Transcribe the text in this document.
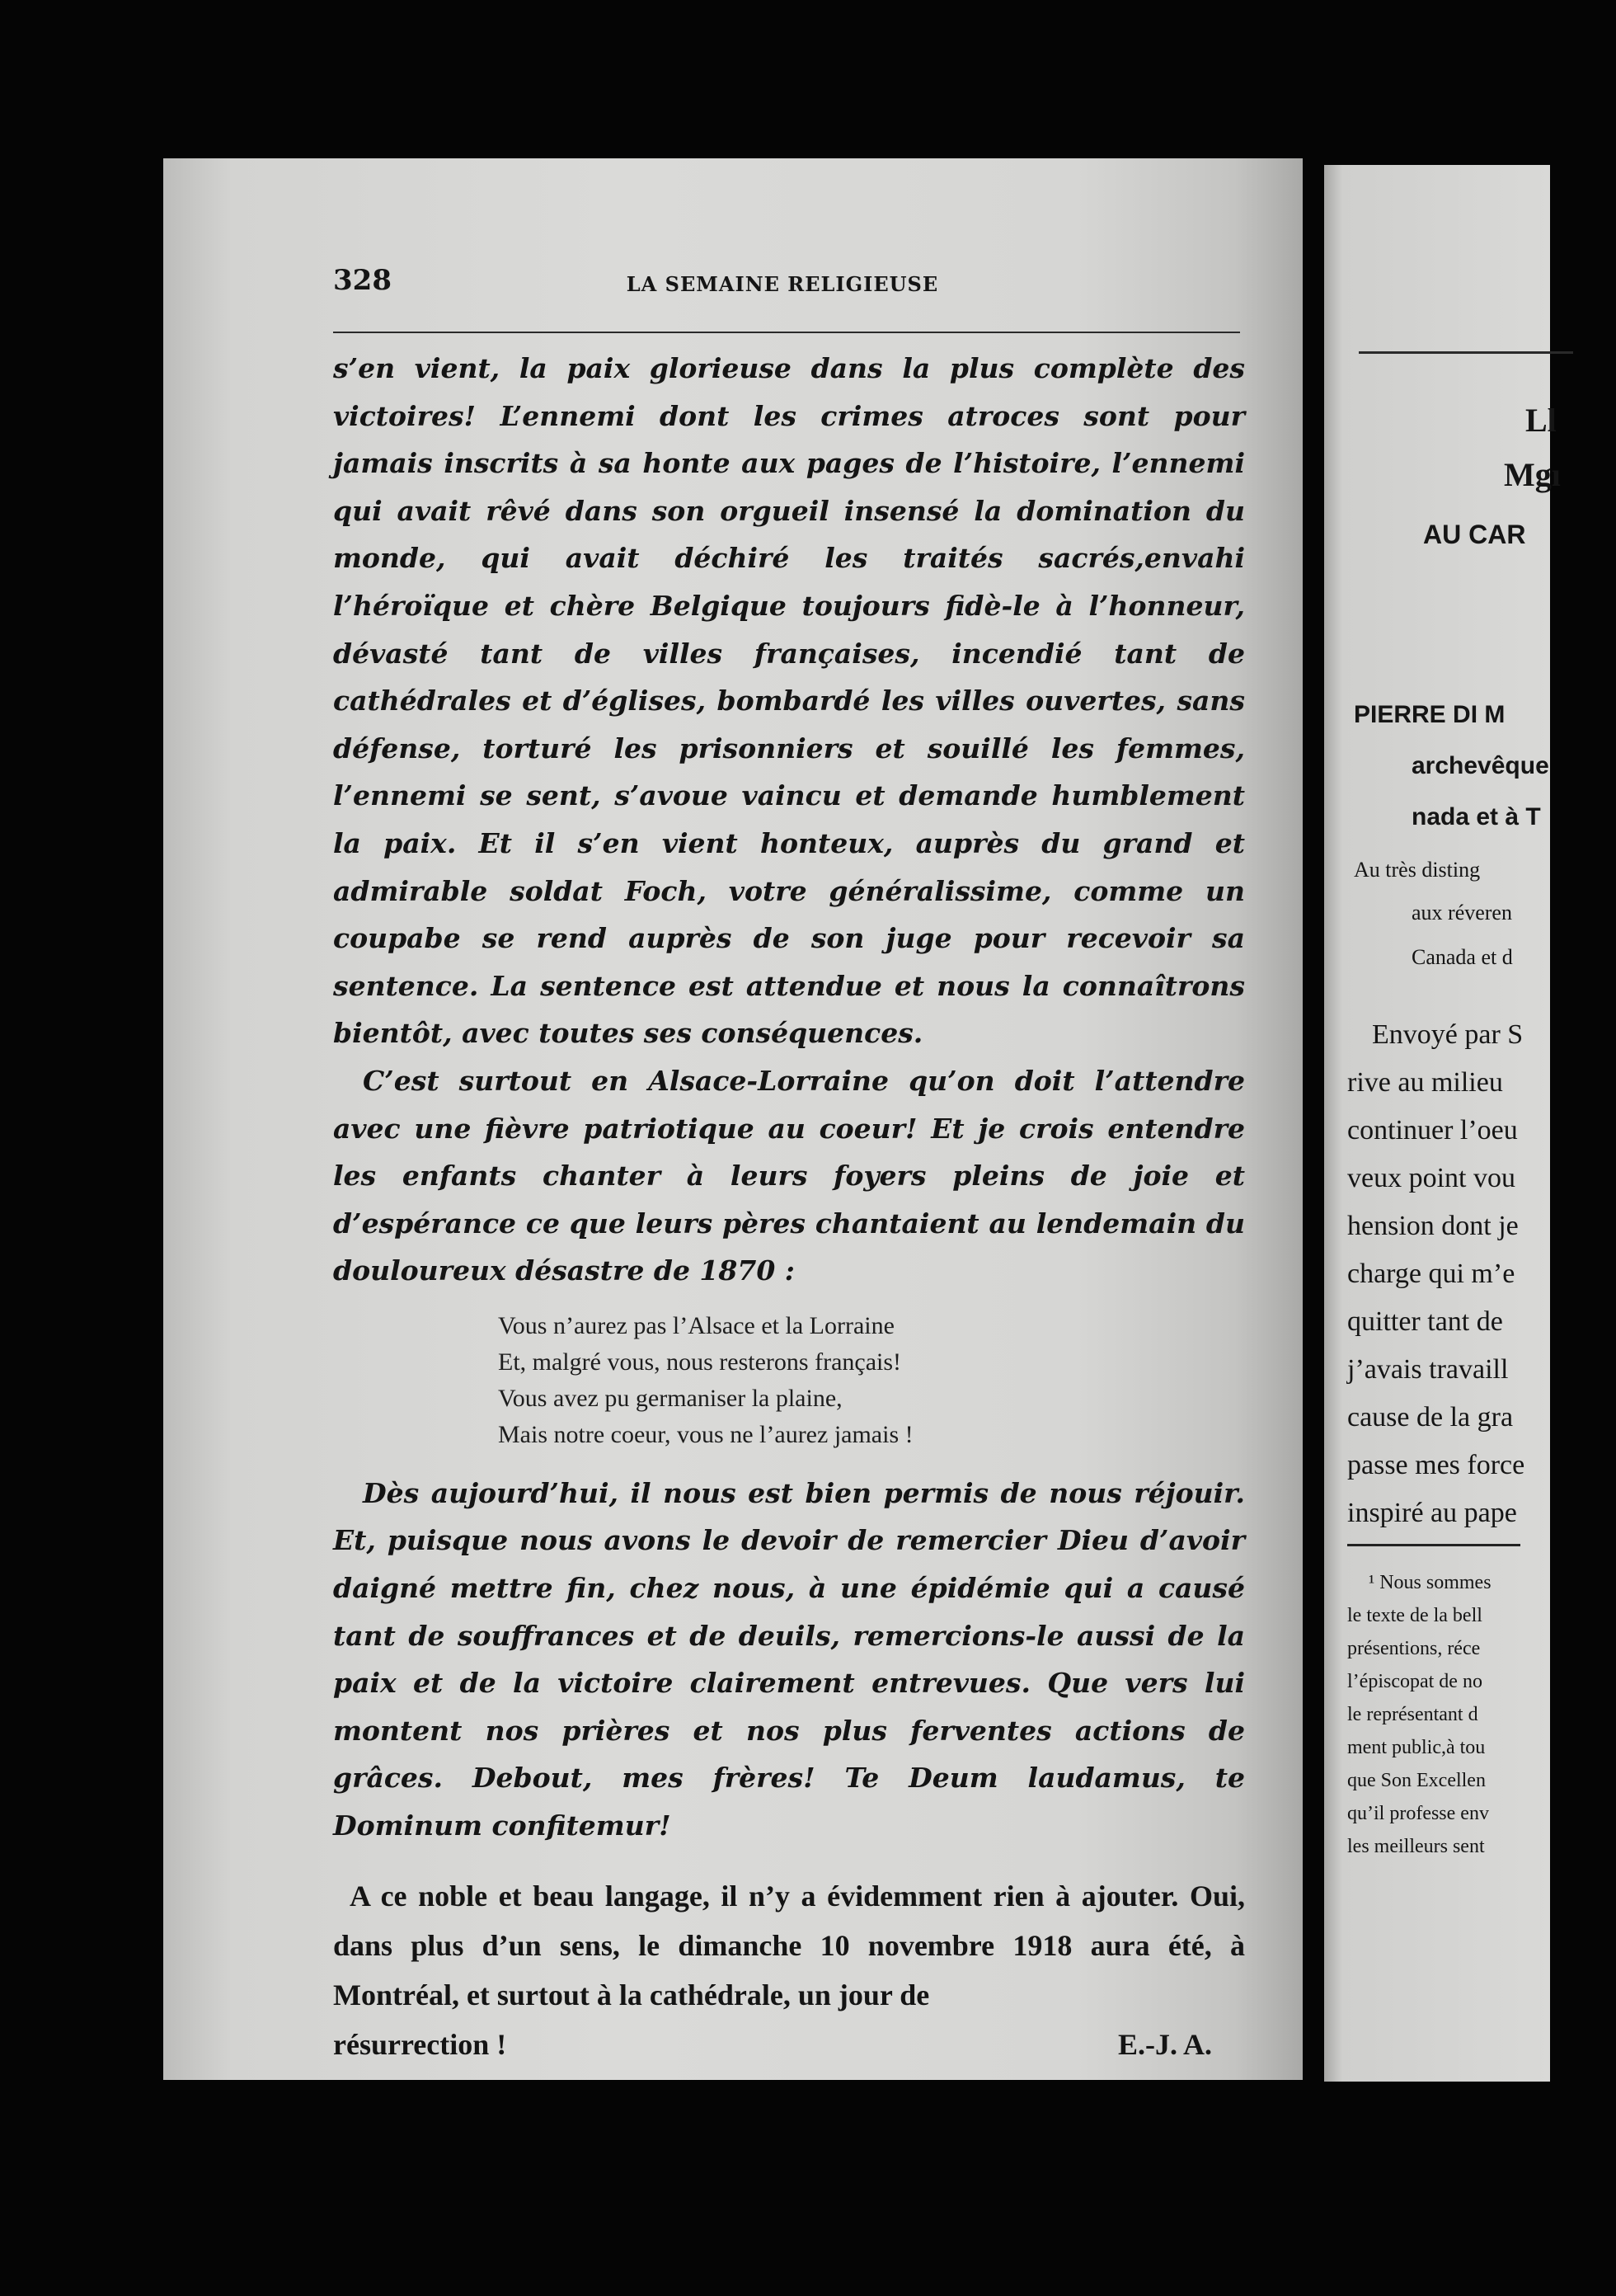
328	LA SEMAINE RELIGIEUSE

s’en vient, la paix glorieuse dans la plus complète des victoires! L’ennemi dont les crimes atroces sont pour jamais ins⁠crits à sa honte aux pages de l’histoire, l’ennemi qui avait rêvé dans son orgueil insensé la domination du monde, qui avait déchiré les traités sacrés,envahi l’héroïque et chère Belgique toujours fidè-le à l’honneur, dévasté tant de villes françaises, incendié tant de cathédrales et d’églises, bombardé les villes ouvertes, sans défense, torturé les prisonniers et souillé les femmes, l’ennemi se sent, s’avoue vaincu et demande humblement la paix. Et il s’en vient honteux, auprès du grand et admirable soldat Foch, votre généralissime, comme un coupabe se rend auprès de son juge pour recevoir sa sentence. La sentence est attendue et nous la connaîtrons bientôt, avec toutes ses conséquences.

C’est surtout en Alsace-Lorraine qu’on doit l’attendre avec une fièvre patriotique au coeur! Et je crois entendre les enfants chanter à leurs foyers pleins de joie et d’espérance ce que leurs pères chantaient au lendemain du douloureux désastre de 1870 :

Vous n’aurez pas l’Alsace et la Lorraine
Et, malgré vous, nous resterons français!
Vous avez pu germaniser la plaine,
Mais notre coeur, vous ne l’aurez jamais !

Dès aujourd’hui, il nous est bien permis de nous réjouir. Et, puisque nous avons le devoir de remercier Dieu d’avoir daigné mettre fin, chez nous, à une épidémie qui a causé tant de souffrances et de deuils, remercions-le aussi de la paix et de la victoire clairement entrevues. Que vers lui montent nos prières et nos plus ferventes actions de grâces. Debout, mes frères! Te Deum laudamus, te Dominum confitemur!

A ce noble et beau langage, il n’y a évidemment rien à ajouter. Oui, dans plus d’un sens, le dimanche 10 novembre 1918 aura été, à Montréal, et surtout à la cathédrale, un jour de

résurrection !	E.-J. A.
Ll
Mgı
AU CAR
PIERRE DI M
archevêque
nada et à T
Au très disting
aux réveren
Canada et d
Envoyé par S
rive au milieu
continuer l’oeu
veux point vou
hension dont je
charge qui m’e
quitter tant de
j’avais travaill
cause de la gra
passe mes force
inspiré au pape
¹ Nous sommes
le texte de la bell
présentions, réce
l’épiscopat de no
le représentant d
ment public,à tou
que Son Excellen
qu’il professe env
les meilleurs sent
